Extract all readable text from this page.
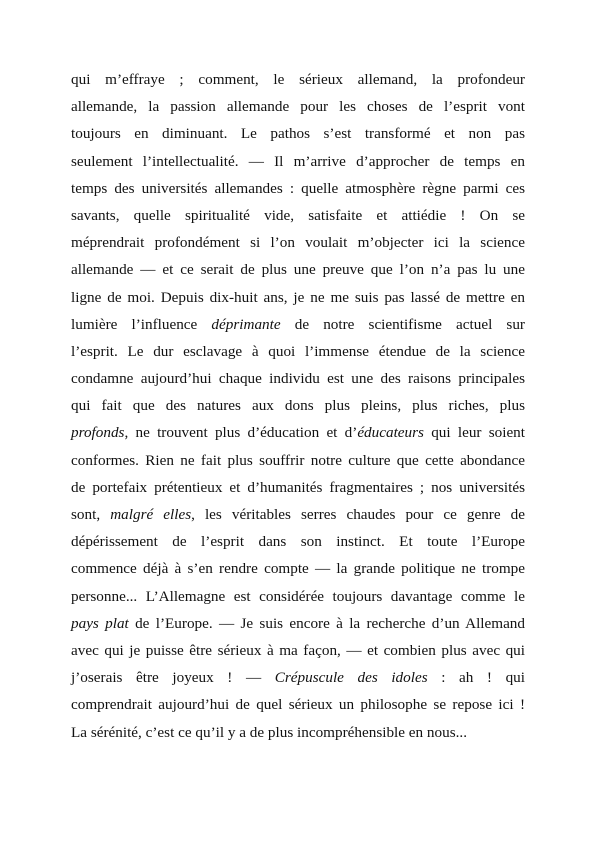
qui m’effraye ; comment, le sérieux allemand, la profondeur
allemande, la passion allemande pour les choses de l’esprit vont
toujours en diminuant. Le pathos s’est transformé et non pas
seulement l’intellectualité. — Il m’arrive d’approcher de temps en
temps des universités allemandes : quelle atmosphère règne parmi ces
savants, quelle spiritualité vide, satisfaite et attiédie ! On se
méprendrait profondément si l’on voulait m’objecter ici la science
allemande — et ce serait de plus une preuve que l’on n’a pas lu une
ligne de moi. Depuis dix-huit ans, je ne me suis pas lassé de mettre en
lumière l’influence déprimante de notre scientifisme actuel sur
l’esprit. Le dur esclavage à quoi l’immense étendue de la science
condamne aujourd’hui chaque individu est une des raisons principales
qui fait que des natures aux dons plus pleins, plus riches, plus
profonds, ne trouvent plus d’éducation et d’éducateurs qui leur soient
conformes. Rien ne fait plus souffrir notre culture que cette abondance
de portefaix prétentieux et d’humanités fragmentaires ; nos universités
sont, malgré elles, les véritables serres chaudes pour ce genre de
dépérissement de l’esprit dans son instinct. Et toute l’Europe
commence déjà à s’en rendre compte — la grande politique ne trompe
personne... L’Allemagne est considérée toujours davantage comme le
pays plat de l’Europe. — Je suis encore à la recherche d’un Allemand
avec qui je puisse être sérieux à ma façon, — et combien plus avec qui
j’oserais être joyeux ! — Crépuscule des idoles : ah ! qui
comprendrait aujourd’hui de quel sérieux un philosophe se repose ici !
La sérénité, c’est ce qu’il y a de plus incompréhensible en nous...
